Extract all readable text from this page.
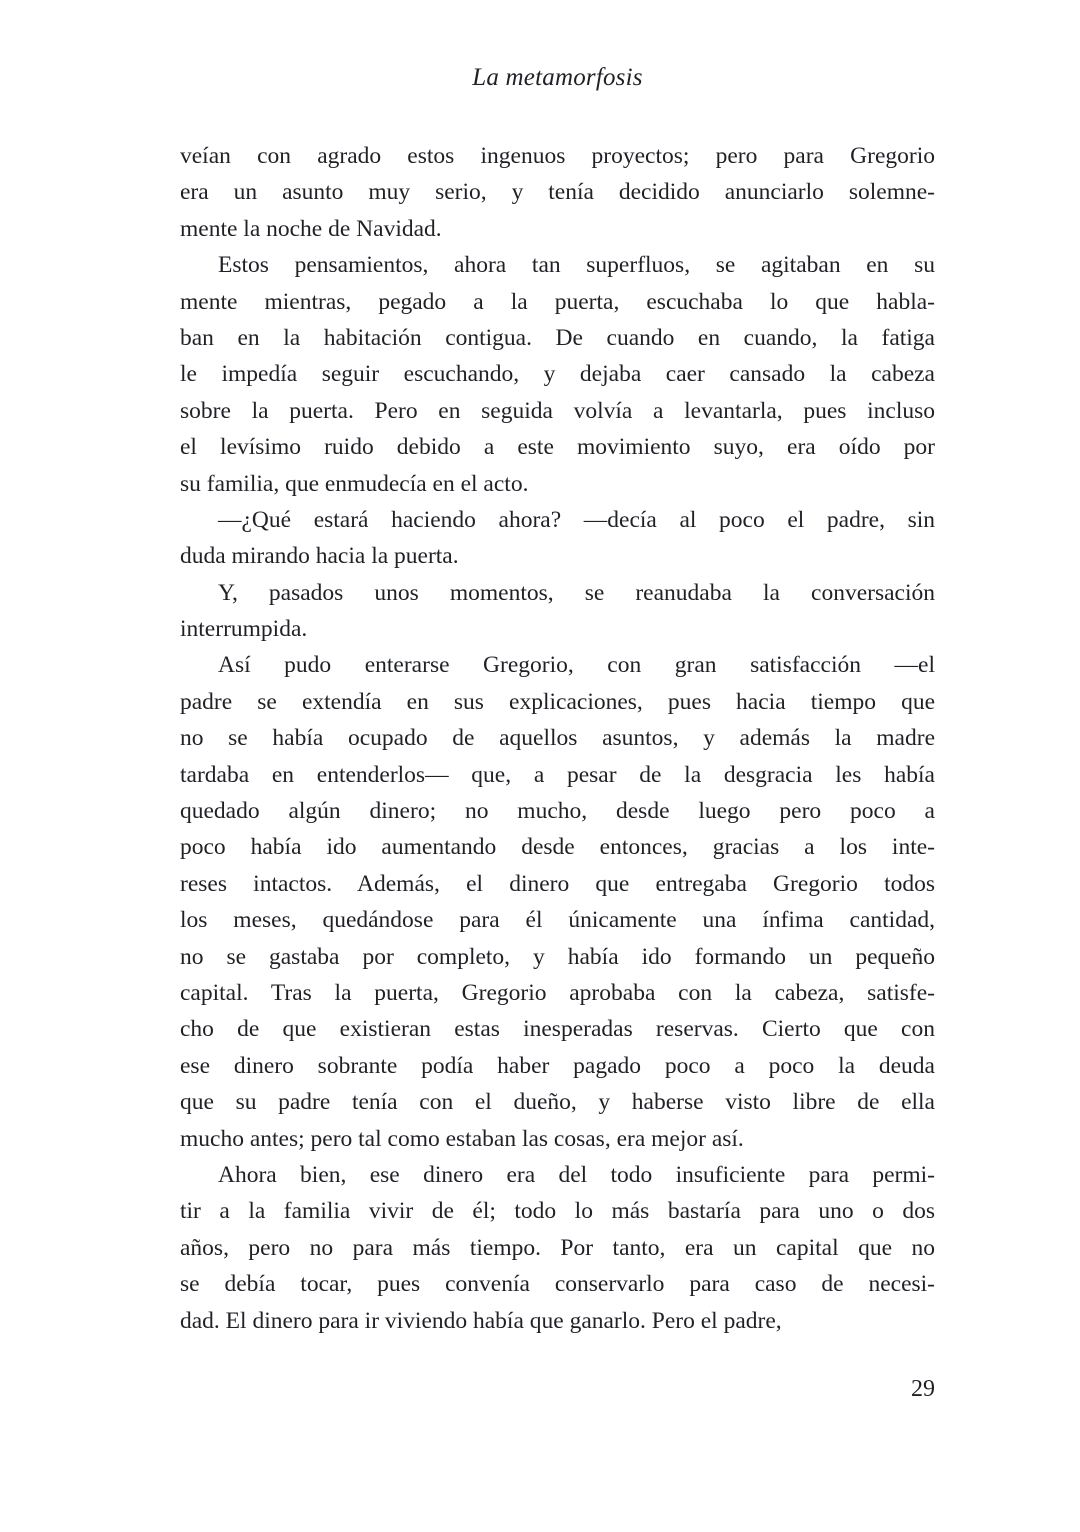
La metamorfosis
veían con agrado estos ingenuos proyectos; pero para Gregorio
era un asunto muy serio, y tenía decidido anunciarlo solemne-
mente la noche de Navidad.
Estos pensamientos, ahora tan superfluos, se agitaban en su
mente mientras, pegado a la puerta, escuchaba lo que habla-
ban en la habitación contigua. De cuando en cuando, la fatiga
le impedía seguir escuchando, y dejaba caer cansado la cabeza
sobre la puerta. Pero en seguida volvía a levantarla, pues incluso
el levísimo ruido debido a este movimiento suyo, era oído por
su familia, que enmudecía en el acto.
—¿Qué estará haciendo ahora? —decía al poco el padre, sin
duda mirando hacia la puerta.
Y, pasados unos momentos, se reanudaba la conversación
interrumpida.
Así pudo enterarse Gregorio, con gran satisfacción —el
padre se extendía en sus explicaciones, pues hacia tiempo que
no se había ocupado de aquellos asuntos, y además la madre
tardaba en entenderlos— que, a pesar de la desgracia les había
quedado algún dinero; no mucho, desde luego pero poco a
poco había ido aumentando desde entonces, gracias a los inte-
reses intactos. Además, el dinero que entregaba Gregorio todos
los meses, quedándose para él únicamente una ínfima cantidad,
no se gastaba por completo, y había ido formando un pequeño
capital. Tras la puerta, Gregorio aprobaba con la cabeza, satisfe-
cho de que existieran estas inesperadas reservas. Cierto que con
ese dinero sobrante podía haber pagado poco a poco la deuda
que su padre tenía con el dueño, y haberse visto libre de ella
mucho antes; pero tal como estaban las cosas, era mejor así.
Ahora bien, ese dinero era del todo insuficiente para permi-
tir a la familia vivir de él; todo lo más bastaría para uno o dos
años, pero no para más tiempo. Por tanto, era un capital que no
se debía tocar, pues convenía conservarlo para caso de necesi-
dad. El dinero para ir viviendo había que ganarlo. Pero el padre,
29
